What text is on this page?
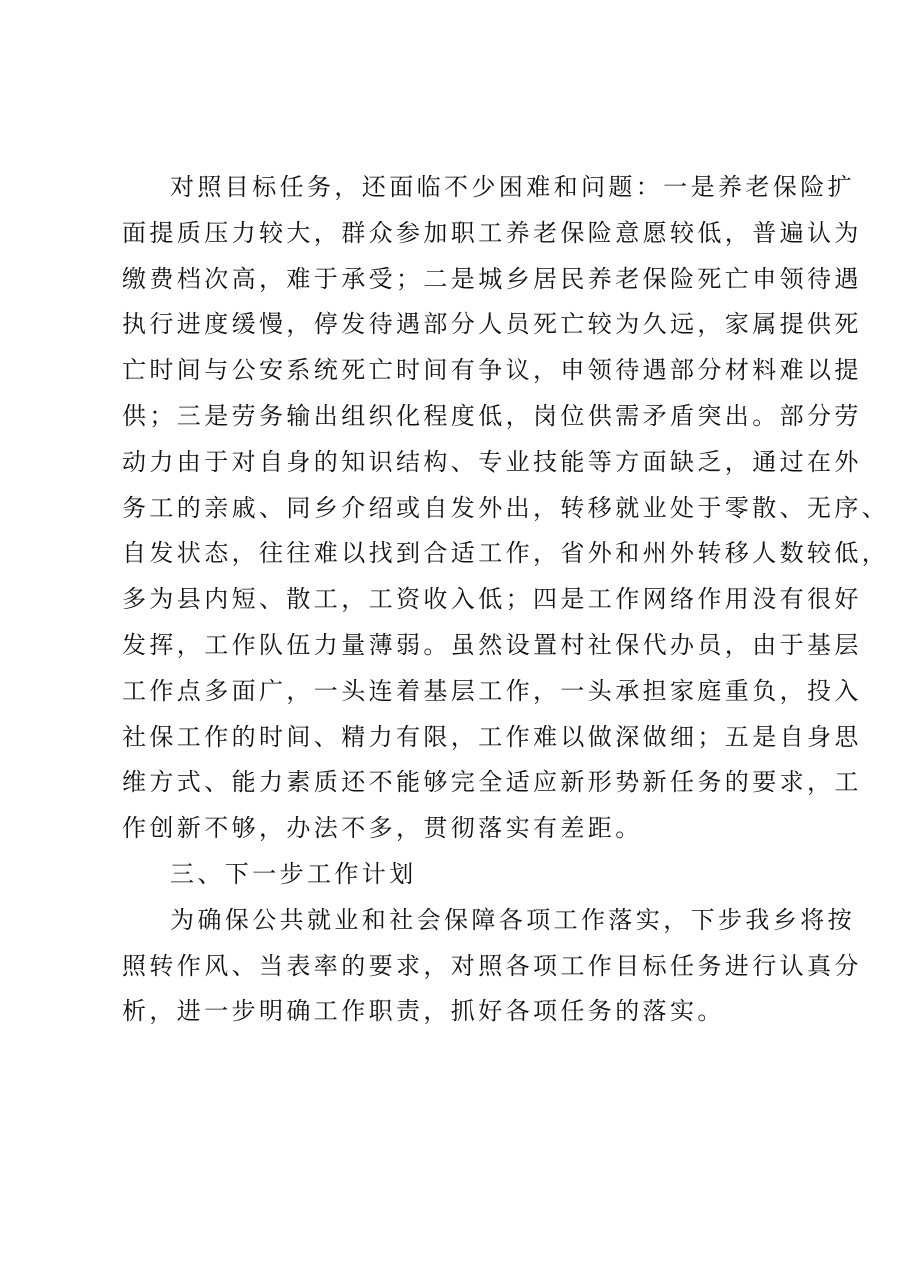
对照目标任务，还面临不少困难和问题：一是养老保险扩
面提质压力较大，群众参加职工养老保险意愿较低，普遍认为
缴费档次高，难于承受；二是城乡居民养老保险死亡申领待遇
执行进度缓慢，停发待遇部分人员死亡较为久远，家属提供死
亡时间与公安系统死亡时间有争议，申领待遇部分材料难以提
供；三是劳务输出组织化程度低，岗位供需矛盾突出。部分劳
动力由于对自身的知识结构、专业技能等方面缺乏，通过在外
务工的亲戚、同乡介绍或自发外出，转移就业处于零散、无序、
自发状态，往往难以找到合适工作，省外和州外转移人数较低，
多为县内短、散工，工资收入低；四是工作网络作用没有很好
发挥，工作队伍力量薄弱。虽然设置村社保代办员，由于基层
工作点多面广，一头连着基层工作，一头承担家庭重负，投入
社保工作的时间、精力有限，工作难以做深做细；五是自身思
维方式、能力素质还不能够完全适应新形势新任务的要求，工
作创新不够，办法不多，贯彻落实有差距。
三、下一步工作计划
为确保公共就业和社会保障各项工作落实，下步我乡将按
照转作风、当表率的要求，对照各项工作目标任务进行认真分
析，进一步明确工作职责，抓好各项任务的落实。
